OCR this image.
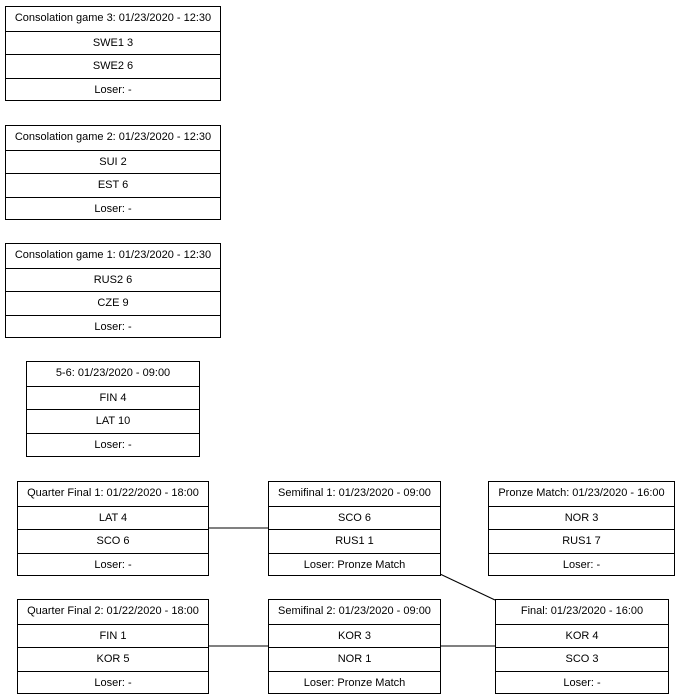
Consolation game 3: 01/23/2020 - 12:30
SWE1 3
SWE2 6
Loser: -
Consolation game 2: 01/23/2020 - 12:30
SUI 2
EST 6
Loser: -
Consolation game 1: 01/23/2020 - 12:30
RUS2 6
CZE 9
Loser: -
5-6: 01/23/2020 - 09:00
FIN 4
LAT 10
Loser: -
Quarter Final 1: 01/22/2020 - 18:00
LAT 4
SCO 6
Loser: -
Quarter Final 2: 01/22/2020 - 18:00
FIN 1
KOR 5
Loser: -
Semifinal 1: 01/23/2020 - 09:00
SCO 6
RUS1 1
Loser: Pronze Match
Semifinal 2: 01/23/2020 - 09:00
KOR 3
NOR 1
Loser: Pronze Match
Pronze Match: 01/23/2020 - 16:00
NOR 3
RUS1 7
Loser: -
Final: 01/23/2020 - 16:00
KOR 4
SCO 3
Loser: -
